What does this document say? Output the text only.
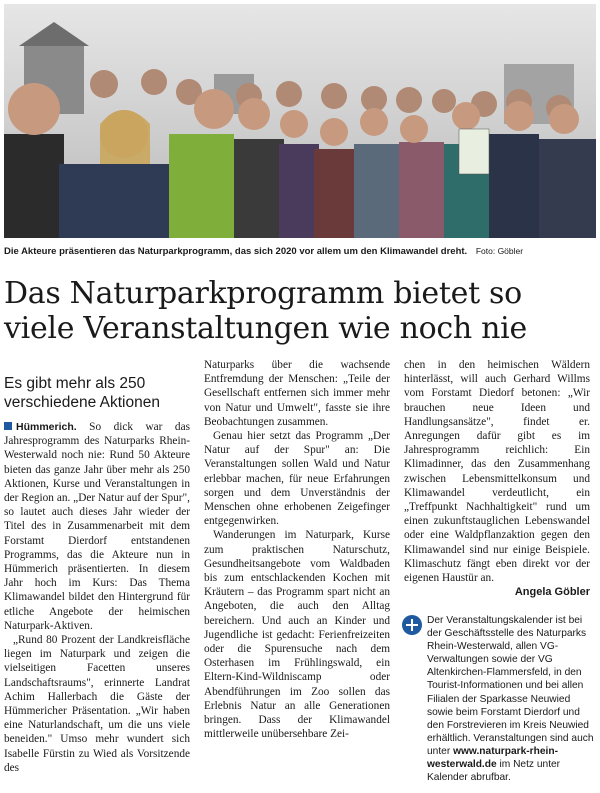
Die Akteure präsentieren das Naturparkprogramm, das sich 2020 vor allem um den Klimawandel dreht. Foto: Göbler
Das Naturparkprogramm bietet so
viele Veranstaltungen wie noch nie
Es gibt mehr als 250
verschiedene Aktionen

Hümmerich. So dick war das Jahresprogramm des Naturparks Rhein-Westerwald noch nie: Rund 50 Akteure bieten das ganze Jahr über mehr als 250 Aktionen, Kurse und Veranstaltungen in der Region an. „Der Natur auf der Spur", so lautet auch dieses Jahr wieder der Titel des in Zusammenarbeit mit dem Forstamt Dierdorf entstandenen Programms, das die Akteure nun in Hümmerich präsentierten. In diesem Jahr hoch im Kurs: Das Thema Klimawandel bildet den Hintergrund für etliche Angebote der heimischen Naturpark-Aktiven.

„Rund 80 Prozent der Landkreisfläche liegen im Naturpark und zeigen die vielseitigen Facetten unseres Landschaftsraums", erinnerte Landrat Achim Hallerbach die Gäste der Hümmericher Präsentation. „Wir haben eine Naturlandschaft, um die uns viele beneiden." Umso mehr wundert sich Isabelle Fürstin zu Wied als Vorsitzende des

Naturparks über die wachsende Entfremdung der Menschen: „Teile der Gesellschaft entfernen sich immer mehr von Natur und Umwelt", fasste sie ihre Beobachtungen zusammen.

Genau hier setzt das Programm „Der Natur auf der Spur" an: Die Veranstaltungen sollen Wald und Natur erlebbar machen, für neue Erfahrungen sorgen und dem Unverständnis der Menschen ohne erhobenen Zeigefinger entgegenwirken.

Wanderungen im Naturpark, Kurse zum praktischen Naturschutz, Gesundheitsangebote vom Waldbaden bis zum entschlackenden Kochen mit Kräutern – das Programm spart nicht an Angeboten, die auch den Alltag bereichern. Und auch an Kinder und Jugendliche ist gedacht: Ferienfreizeiten oder die Spurensuche nach dem Osterhasen im Frühlingswald, ein Eltern-Kind-Wildniscamp oder Abendführungen im Zoo sollen das Erlebnis Natur an alle Generationen bringen. Dass der Klimawandel mittlerweile unübersehbare Zei-

chen in den heimischen Wäldern hinterlässt, will auch Gerhard Willms vom Forstamt Diedorf betonen: „Wir brauchen neue Ideen und Handlungsansätze", findet er. Anregungen dafür gibt es im Jahresprogramm reichlich: Ein Klimadinner, das den Zusammenhang zwischen Lebensmittelkonsum und Klimawandel verdeutlicht, ein „Treffpunkt Nachhaltigkeit" rund um einen zukunftstauglichen Lebenswandel oder eine Waldpflanzaktion gegen den Klimawandel sind nur einige Beispiele. Klimaschutz fängt eben direkt vor der eigenen Haustür an.

Angela Göbler

Der Veranstaltungskalender ist bei der Geschäftsstelle des Naturparks Rhein-Westerwald, allen VG-Verwaltungen sowie der VG Altenkirchen-Flammersfeld, in den Tourist-Informationen und bei allen Filialen der Sparkasse Neuwied sowie beim Forstamt Dierdorf und den Forstrevieren im Kreis Neuwied erhältlich. Veranstaltungen sind auch unter www.naturpark-rhein-westerwald.de im Netz unter Kalender abrufbar.
